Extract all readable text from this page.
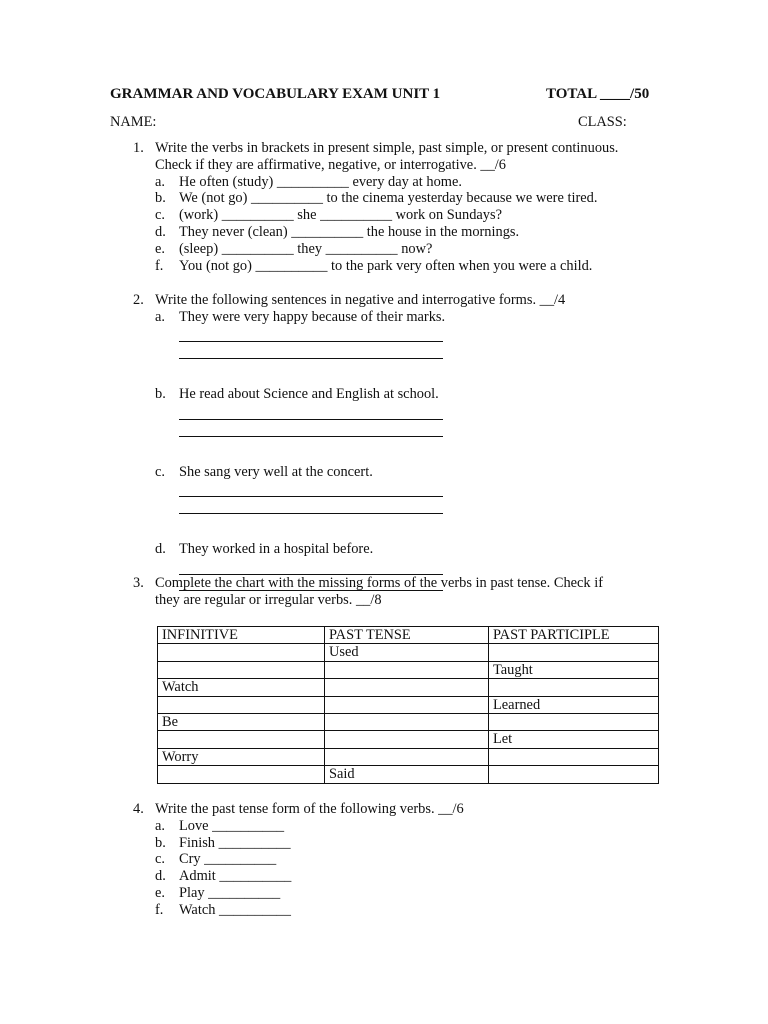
GRAMMAR AND VOCABULARY EXAM UNIT 1	TOTAL ____/50
NAME:	CLASS:
1. Write the verbs in brackets in present simple, past simple, or present continuous.
Check if they are affirmative, negative, or interrogative. __/6
a. He often (study) __________ every day at home.
b. We (not go) __________ to the cinema yesterday because we were tired.
c. (work) __________ she __________ work on Sundays?
d. They never (clean) __________ the house in the mornings.
e. (sleep) __________ they __________ now?
f. You (not go) __________ to the park very often when you were a child.
2. Write the following sentences in negative and interrogative forms. __/4
a. They were very happy because of their marks.
b. He read about Science and English at school.
c. She sang very well at the concert.
d. They worked in a hospital before.
3. Complete the chart with the missing forms of the verbs in past tense. Check if
they are regular or irregular verbs. __/8
INFINITIVE	PAST TENSE	PAST PARTICIPLE
	Used	
		Taught
Watch		
		Learned
Be		
		Let
Worry		
	Said	
4. Write the past tense form of the following verbs. __/6
a. Love __________
b. Finish __________
c. Cry __________
d. Admit __________
e. Play __________
f. Watch __________
